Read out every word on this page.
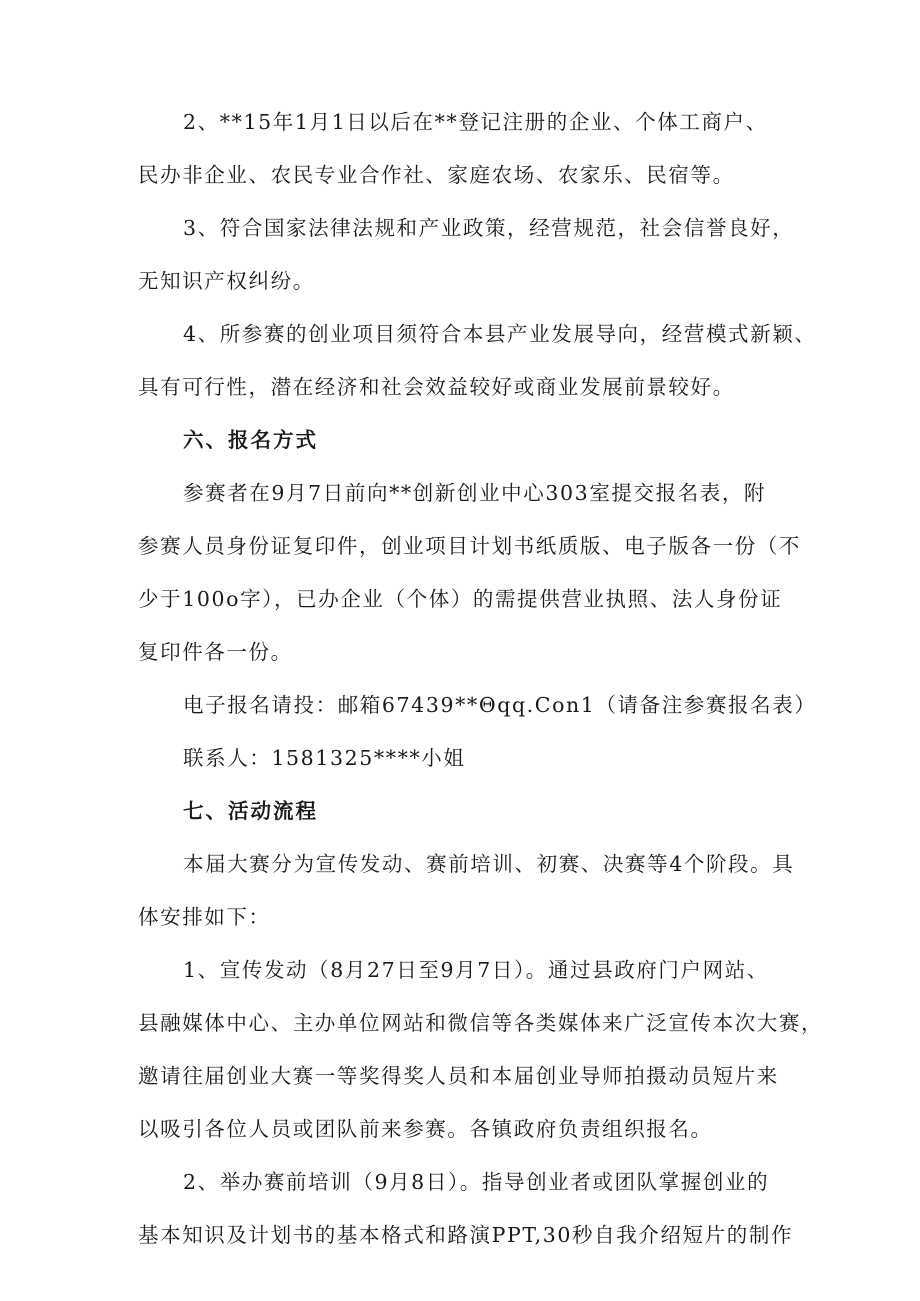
2、**15年1月1日以后在**登记注册的企业、个体工商户、
民办非企业、农民专业合作社、家庭农场、农家乐、民宿等。

3、符合国家法律法规和产业政策，经营规范，社会信誉良好，
无知识产权纠纷。

4、所参赛的创业项目须符合本县产业发展导向，经营模式新颖、
具有可行性，潜在经济和社会效益较好或商业发展前景较好。

六、报名方式

参赛者在9月7日前向**创新创业中心303室提交报名表，附
参赛人员身份证复印件，创业项目计划书纸质版、电子版各一份（不
少于100o字），已办企业（个体）的需提供营业执照、法人身份证
复印件各一份。

电子报名请投：邮箱67439**Θqq.Con1（请备注参赛报名表）

联系人：1581325****小姐

七、活动流程

本届大赛分为宣传发动、赛前培训、初赛、决赛等4个阶段。具
体安排如下：

1、宣传发动（8月27日至9月7日）。通过县政府门户网站、
县融媒体中心、主办单位网站和微信等各类媒体来广泛宣传本次大赛，
邀请往届创业大赛一等奖得奖人员和本届创业导师拍摄动员短片来
以吸引各位人员或团队前来参赛。各镇政府负责组织报名。

2、举办赛前培训（9月8日）。指导创业者或团队掌握创业的
基本知识及计划书的基本格式和路演PPT,30秒自我介绍短片的制作
